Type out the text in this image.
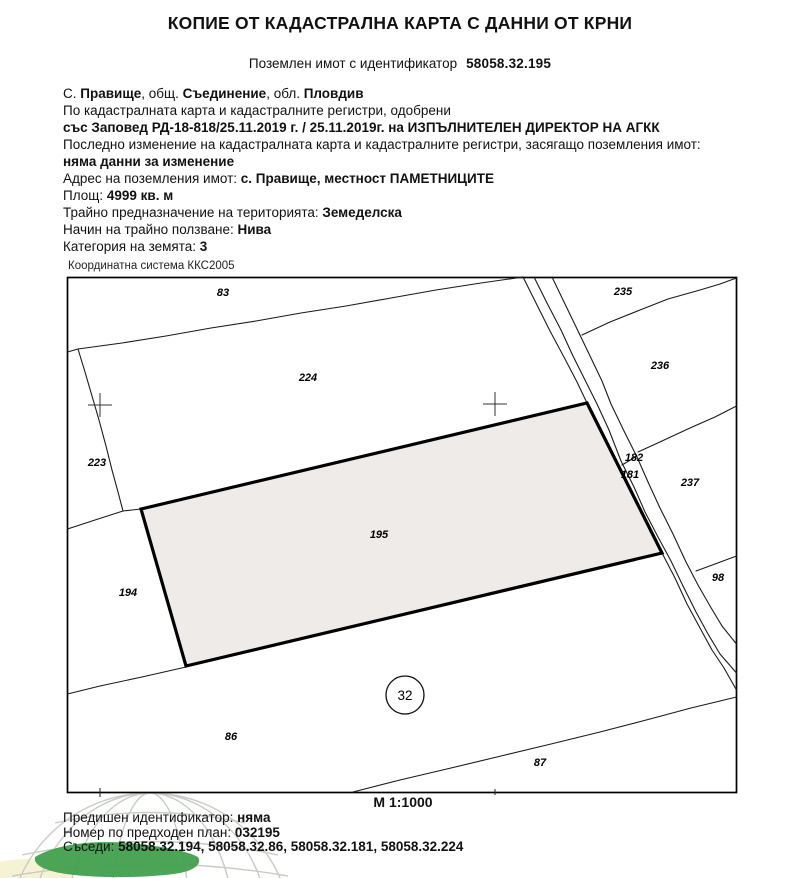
32
83
224
223
194
195
86
87
235
236
182
181
237
98
КОПИЕ ОТ КАДАСТРАЛНА КАРТА С ДАННИ ОТ КРНИ
Поземлен имот с идентификатор 58058.32.195
С. Правище, общ. Съединение, обл. Пловдив
По кадастралната карта и кадастралните регистри, одобрени
със Заповед РД-18-818/25.11.2019 г. / 25.11.2019г. на ИЗПЪЛНИТЕЛЕН ДИРЕКТОР НА АГКК
Последно изменение на кадастралната карта и кадастралните регистри, засягащо поземления имот:
няма данни за изменение
Адрес на поземления имот: с. Правище, местност ПАМЕТНИЦИТЕ
Площ: 4999 кв. м
Трайно предназначение на територията: Земеделска
Начин на трайно ползване: Нива
Категория на земята: 3
Координатна система ККС2005
М 1:1000
Предишен идентификатор: няма
Номер по предходен план: 032195
Съседи: 58058.32.194, 58058.32.86, 58058.32.181, 58058.32.224
